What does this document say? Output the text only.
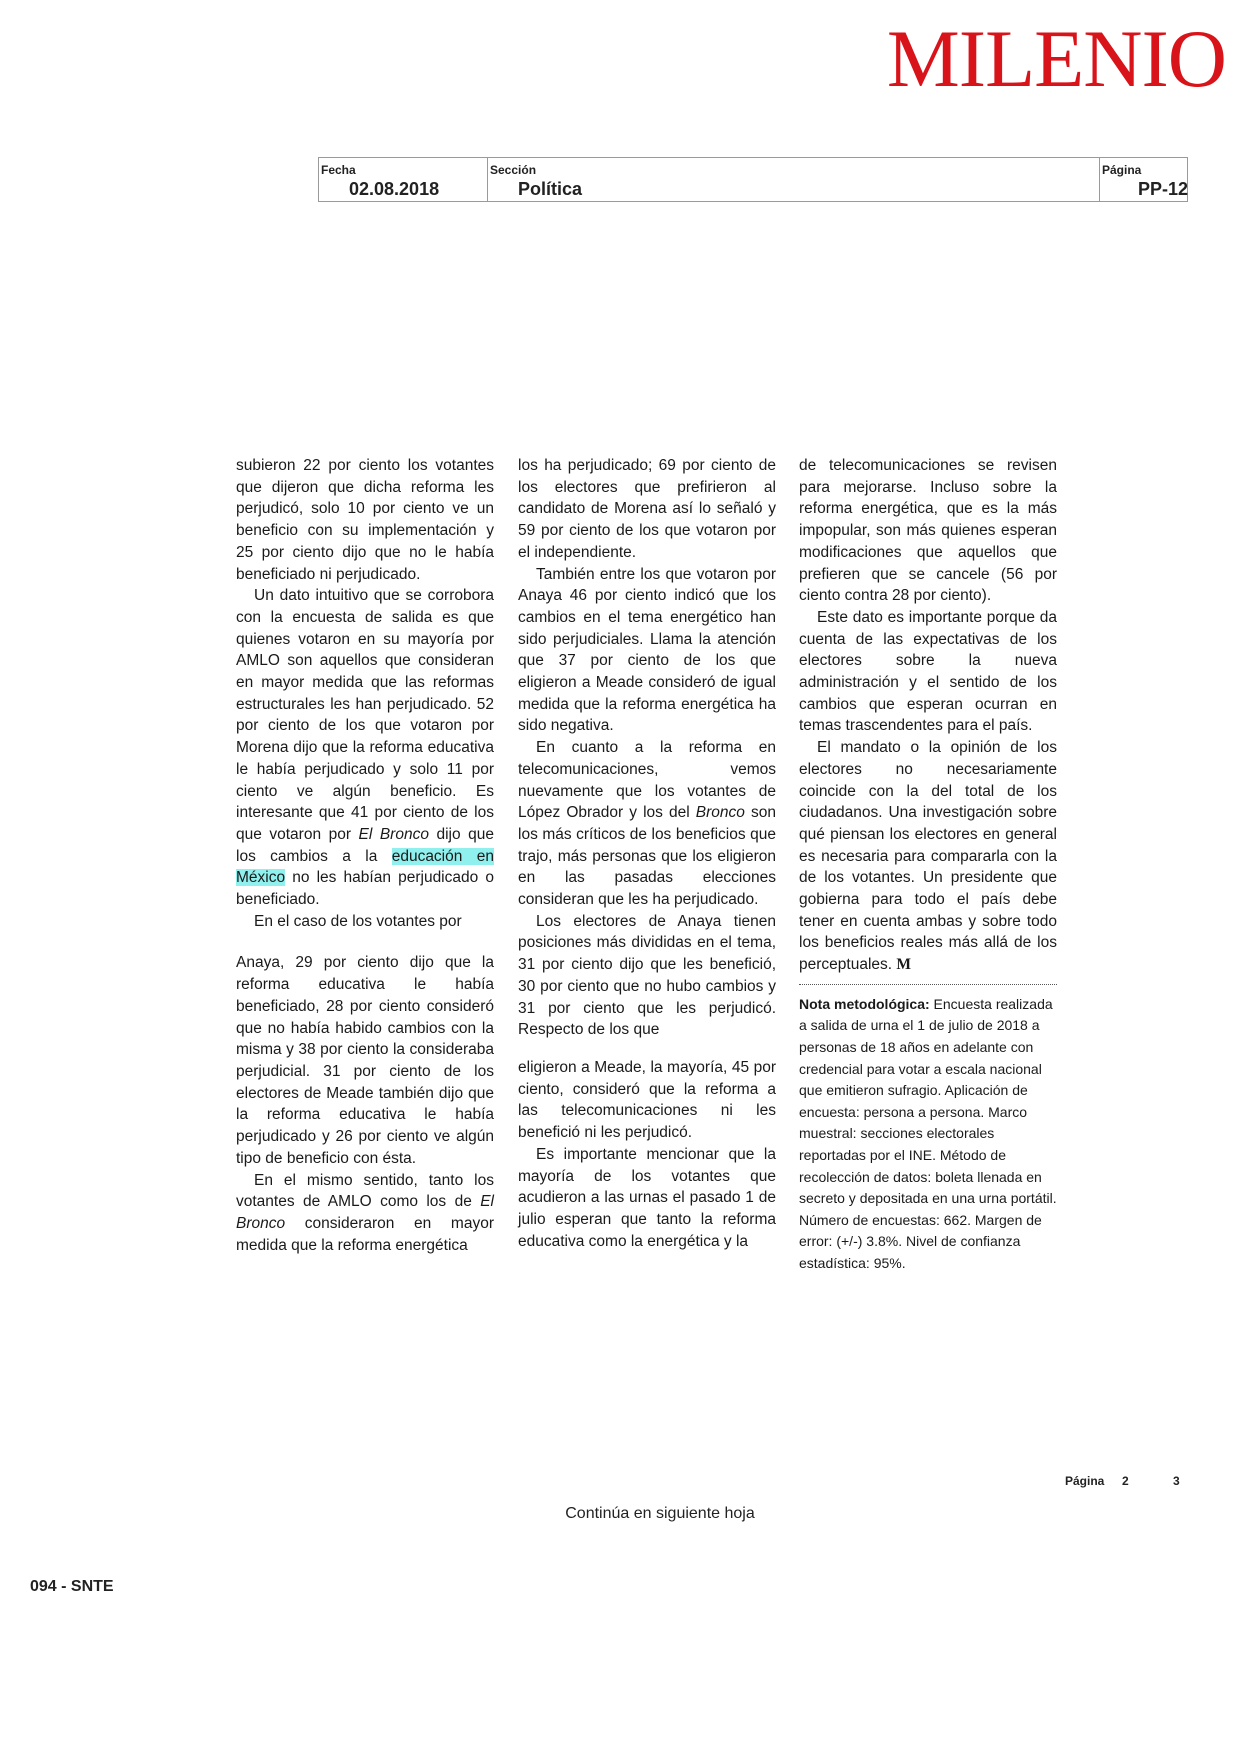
MILENIO
Fecha
02.08.2018
Sección
Política
Página
PP-12

subieron 22 por ciento los votantes que dijeron que dicha reforma les perjudicó, solo 10 por ciento ve un beneficio con su implementación y 25 por ciento dijo que no le había beneficiado ni perjudicado.

Un dato intuitivo que se corrobora con la encuesta de salida es que quienes votaron en su mayoría por AMLO son aquellos que consideran en mayor medida que las reformas estructurales les han perjudicado. 52 por ciento de los que votaron por Morena dijo que la reforma educativa le había perjudicado y solo 11 por ciento ve algún beneficio. Es interesante que 41 por ciento de los que votaron por El Bronco dijo que los cambios a la educación en México no les habían perjudicado o beneficiado.

En el caso de los votantes por

Anaya, 29 por ciento dijo que la reforma educativa le había beneficiado, 28 por ciento consideró que no había habido cambios con la misma y 38 por ciento la consideraba perjudicial. 31 por ciento de los electores de Meade también dijo que la reforma educativa le había perjudicado y 26 por ciento ve algún tipo de beneficio con ésta.

En el mismo sentido, tanto los votantes de AMLO como los de El Bronco consideraron en mayor medida que la reforma energética

los ha perjudicado; 69 por ciento de los electores que prefirieron al candidato de Morena así lo señaló y 59 por ciento de los que votaron por el independiente.

También entre los que votaron por Anaya 46 por ciento indicó que los cambios en el tema energético han sido perjudiciales. Llama la atención que 37 por ciento de los que eligieron a Meade consideró de igual medida que la reforma energética ha sido negativa.

En cuanto a la reforma en telecomunicaciones, vemos nuevamente que los votantes de López Obrador y los del Bronco son los más críticos de los beneficios que trajo, más personas que los eligieron en las pasadas elecciones consideran que les ha perjudicado.

Los electores de Anaya tienen posiciones más divididas en el tema, 31 por ciento dijo que les benefició, 30 por ciento que no hubo cambios y 31 por ciento que les perjudicó. Respecto de los que

eligieron a Meade, la mayoría, 45 por ciento, consideró que la reforma a las telecomunicaciones ni les benefició ni les perjudicó.

Es importante mencionar que la mayoría de los votantes que acudieron a las urnas el pasado 1 de julio esperan que tanto la reforma educativa como la energética y la

de telecomunicaciones se revisen para mejorarse. Incluso sobre la reforma energética, que es la más impopular, son más quienes esperan modificaciones que aquellos que prefieren que se cancele (56 por ciento contra 28 por ciento).

Este dato es importante porque da cuenta de las expectativas de los electores sobre la nueva administración y el sentido de los cambios que esperan ocurran en temas trascendentes para el país.

El mandato o la opinión de los electores no necesariamente coincide con la del total de los ciudadanos. Una investigación sobre qué piensan los electores en general es necesaria para compararla con la de los votantes. Un presidente que gobierna para todo el país debe tener en cuenta ambas y sobre todo los beneficios reales más allá de los perceptuales. M

Nota metodológica: Encuesta realizada a salida de urna el 1 de julio de 2018 a personas de 18 años en adelante con credencial para votar a escala nacional que emitieron sufragio. Aplicación de encuesta: persona a persona. Marco muestral: secciones electorales reportadas por el INE. Método de recolección de datos: boleta llenada en secreto y depositada en una urna portátil. Número de encuestas: 662. Margen de error: (+/-) 3.8%. Nivel de confianza estadística: 95%.

Página 2	3
Continúa en siguiente hoja
094 - SNTE
